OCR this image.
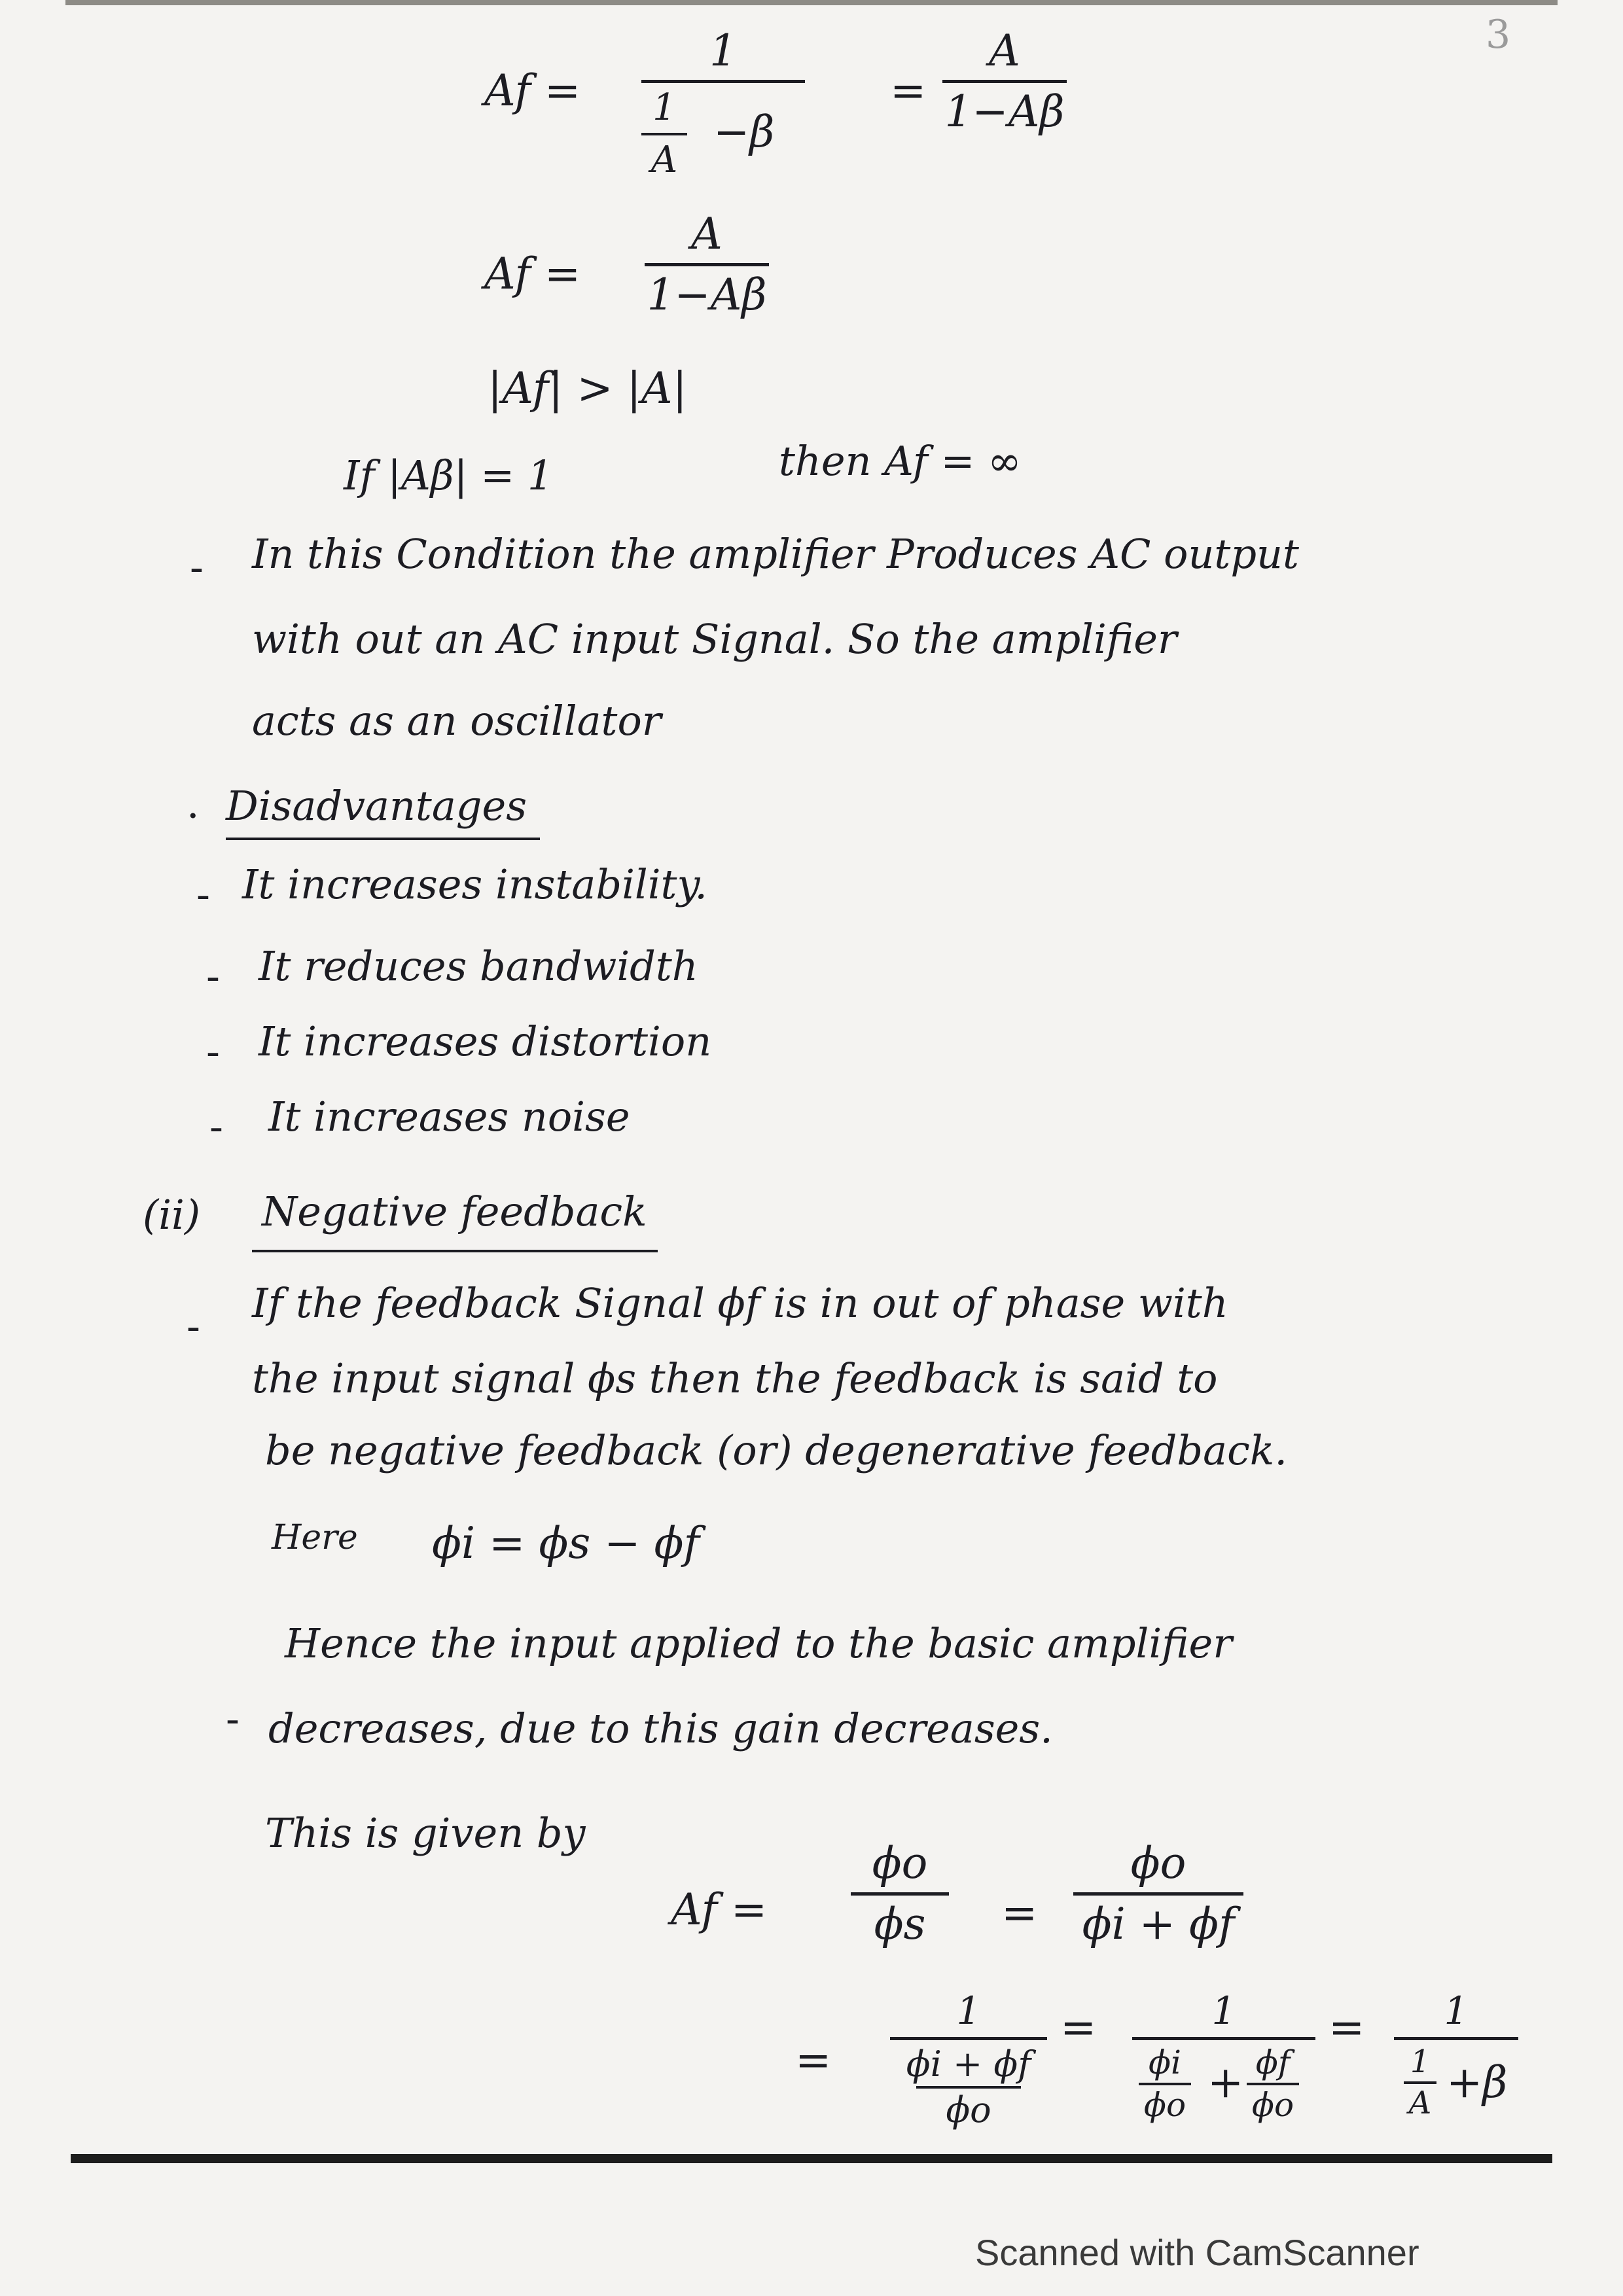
3
Af =
1
1
A
−β
=
A
1−Aβ
Af =
A
1−Aβ
|Af| > |A|
If |Aβ| = 1	then Af = ∞
- In this Condition the amplifier Produces AC output
with out an AC input Signal. So the amplifier
acts as an oscillator
· Disadvantages
- It increases instability.
- It reduces bandwidth
- It increases distortion
- It increases noise
(ii) Negative feedback
- If the feedback Signal ϕf is in out of phase with
the input signal ϕs then the feedback is said to
be negative feedback (or) degenerative feedback.
Here ϕi = ϕs − ϕf
-
Hence the input applied to the basic amplifier
decreases, due to this gain decreases.
This is given by
Af =
ϕo
ϕs	=
ϕo
ϕi + ϕf
=
1
ϕi + ϕf
ϕo
=	1
ϕi
ϕo + ϕf
ϕo
=	1
1
A +β
Scanned with CamScanner
